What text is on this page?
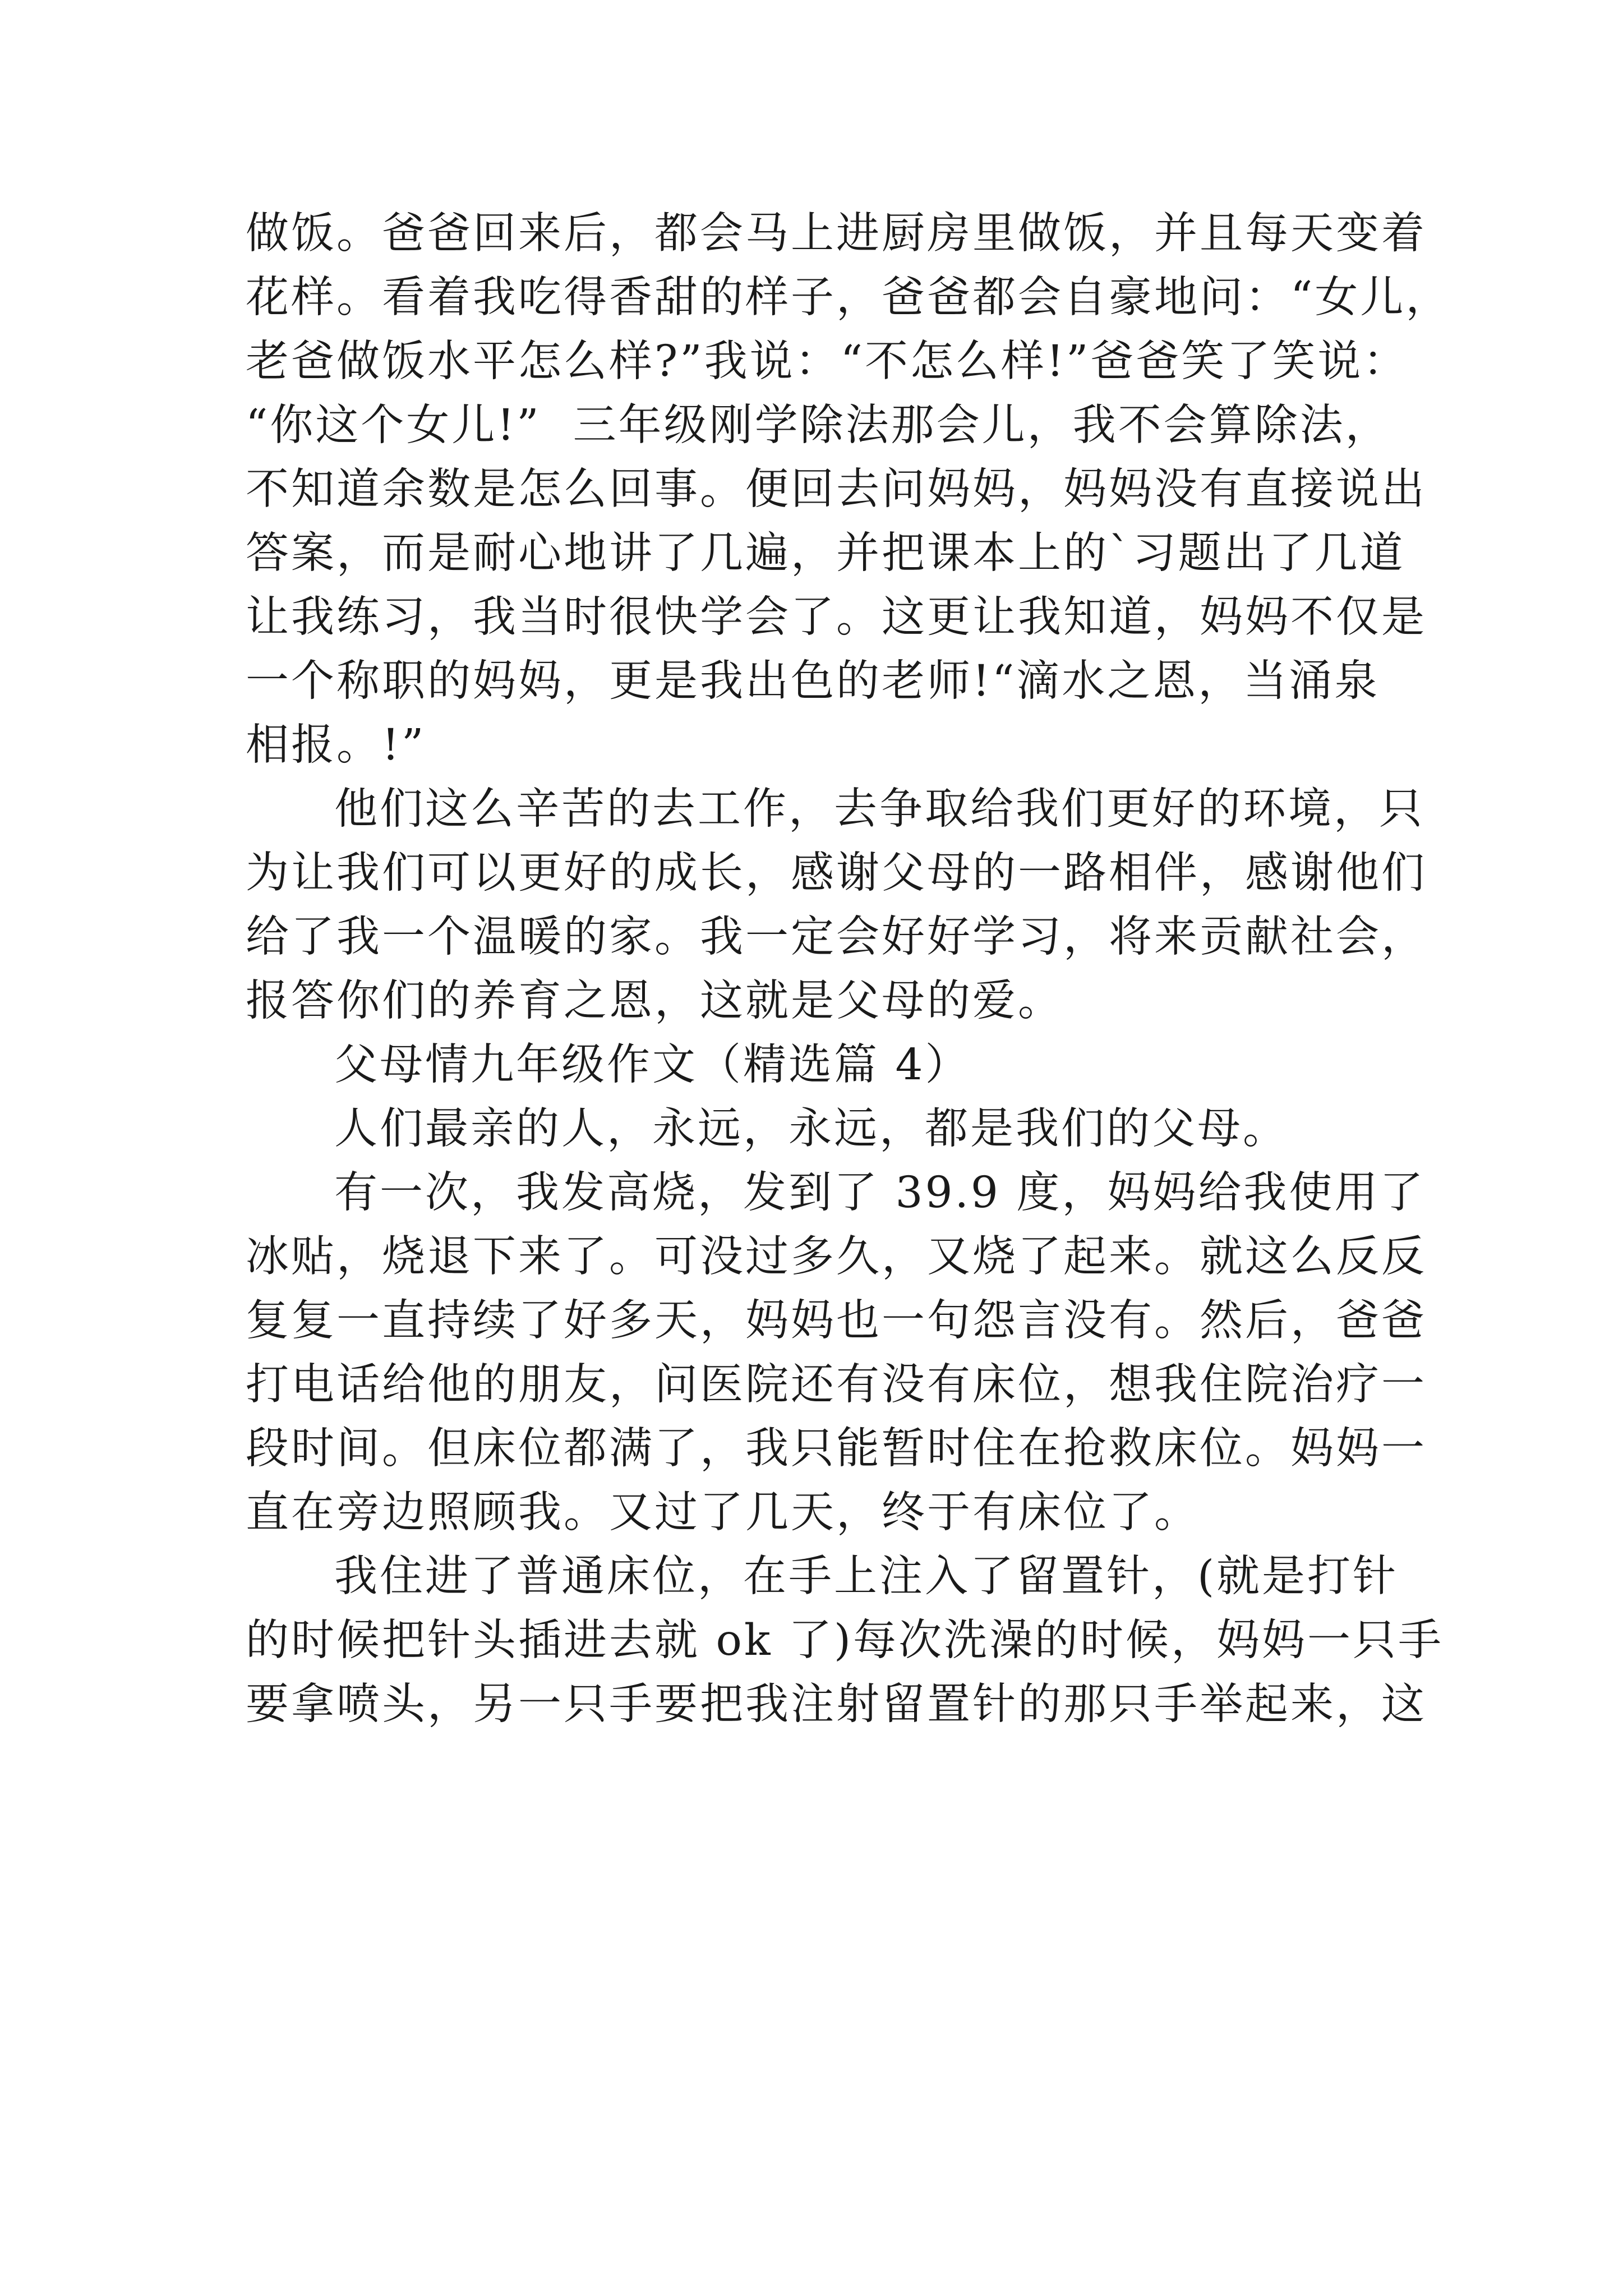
做饭。爸爸回来后，都会马上进厨房里做饭，并且每天变着
花样。看着我吃得香甜的样子，爸爸都会自豪地问：“女儿，
老爸做饭水平怎么样?”我说：“不怎么样!”爸爸笑了笑说：
“你这个女儿!”  三年级刚学除法那会儿，我不会算除法，
不知道余数是怎么回事。便回去问妈妈，妈妈没有直接说出
答案，而是耐心地讲了几遍，并把课本上的`习题出了几道
让我练习，我当时很快学会了。这更让我知道，妈妈不仅是
一个称职的妈妈，更是我出色的老师!“滴水之恩，当涌泉
相报。!”
他们这么辛苦的去工作，去争取给我们更好的环境，只
为让我们可以更好的成长，感谢父母的一路相伴，感谢他们
给了我一个温暖的家。我一定会好好学习，将来贡献社会，
报答你们的养育之恩，这就是父母的爱。
父母情九年级作文（精选篇 4）
人们最亲的人，永远，永远，都是我们的父母。
有一次，我发高烧，发到了 39.9 度，妈妈给我使用了
冰贴，烧退下来了。可没过多久，又烧了起来。就这么反反
复复一直持续了好多天，妈妈也一句怨言没有。然后，爸爸
打电话给他的朋友，问医院还有没有床位，想我住院治疗一
段时间。但床位都满了，我只能暂时住在抢救床位。妈妈一
直在旁边照顾我。又过了几天，终于有床位了。
我住进了普通床位，在手上注入了留置针，(就是打针
的时候把针头插进去就 ok 了)每次洗澡的时候，妈妈一只手
要拿喷头，另一只手要把我注射留置针的那只手举起来，这
